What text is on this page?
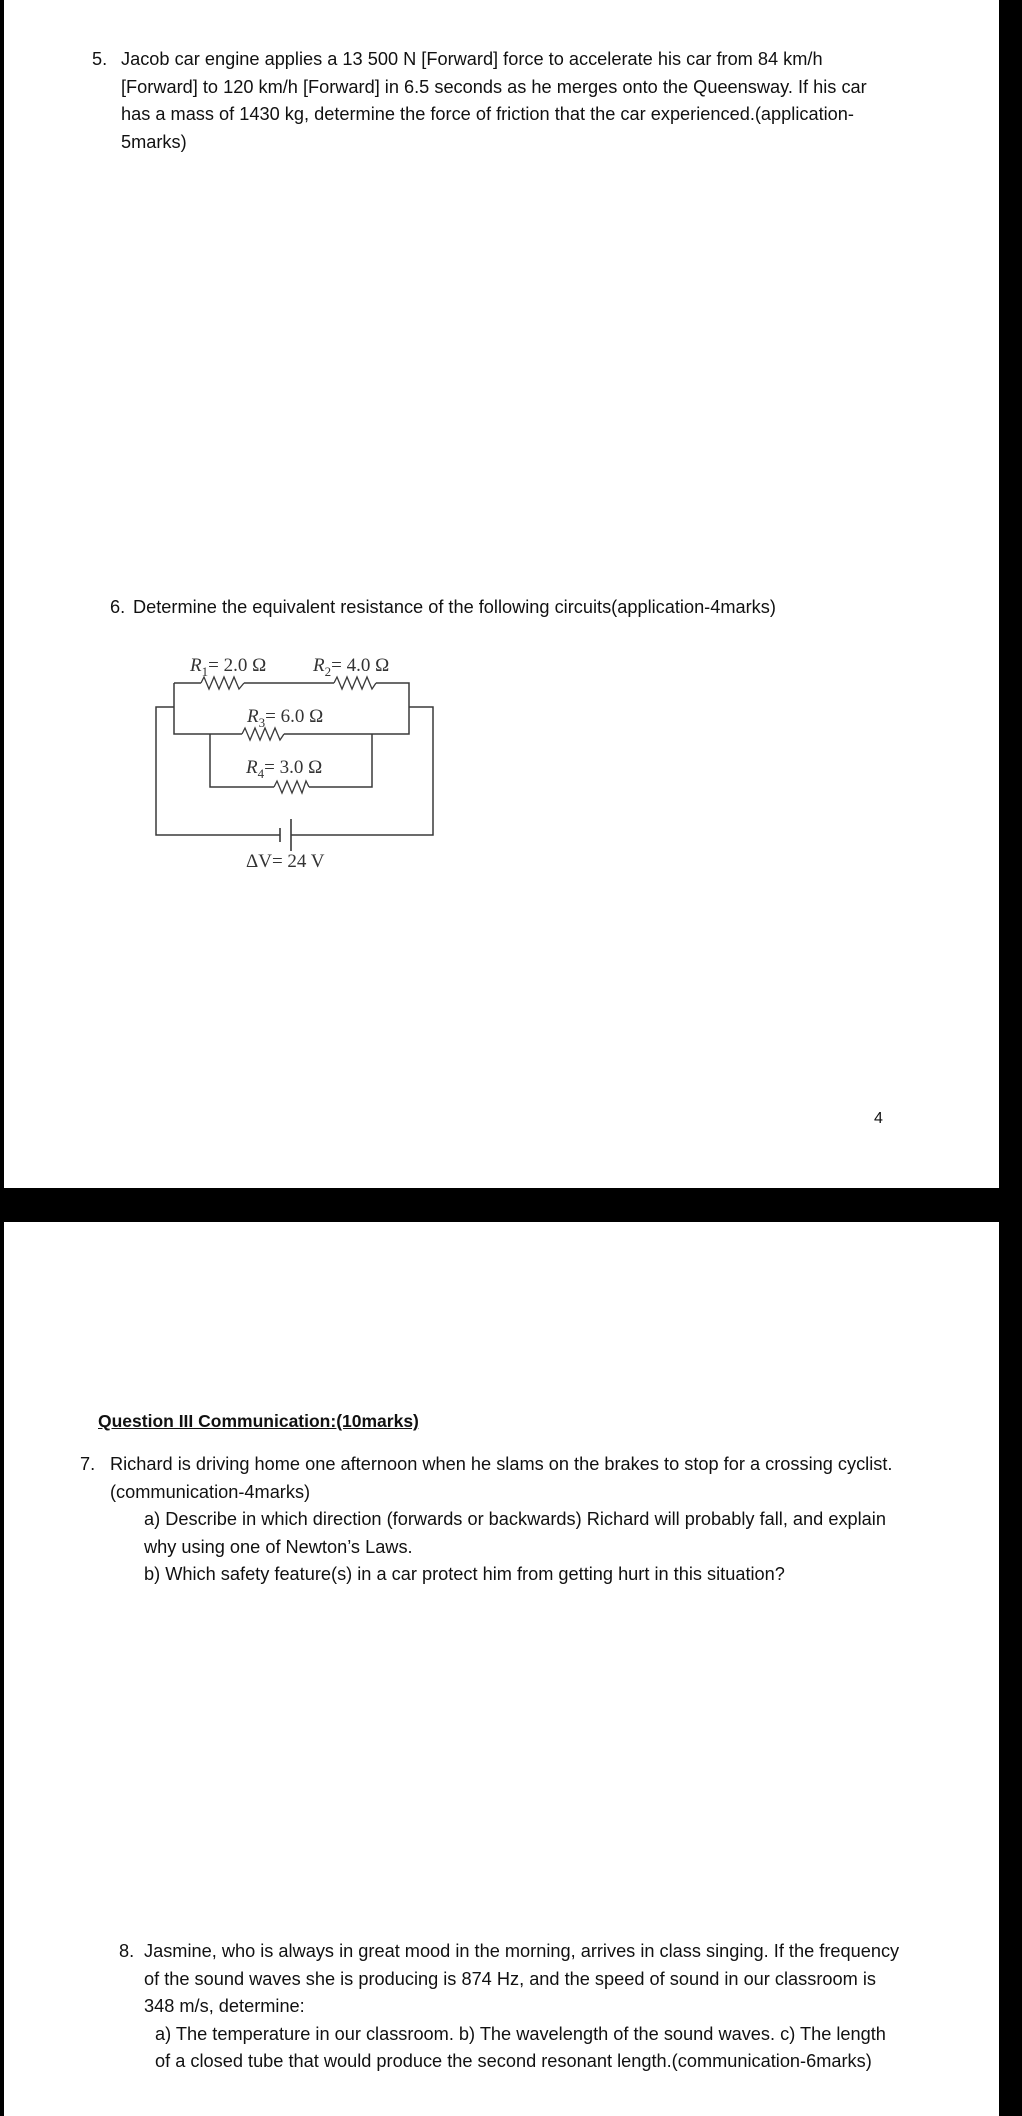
5. Jacob car engine applies a 13 500 N [Forward] force to accelerate his car from 84 km/h

[Forward] to 120 km/h [Forward] in 6.5 seconds as he merges onto the Queensway. If his car

has a mass of 1430 kg, determine the force of friction that the car experienced.(application-

5marks)

6. Determine the equivalent resistance of the following circuits(application-4marks)

$R_1= 2.0$ Ω $R_2= 4.0$ Ω
$R_3= 6.0$ Ω
$R_4= 3.0$ Ω
ΔV= 24 V
4
Question III Communication:(10marks)
7. Richard is driving home one afternoon when he slams on the brakes to stop for a crossing cyclist.

(communication-4marks)

a) Describe in which direction (forwards or backwards) Richard will probably fall, and explain

why using one of Newton’s Laws.

b) Which safety feature(s) in a car protect him from getting hurt in this situation?

8. Jasmine, who is always in great mood in the morning, arrives in class singing. If the frequency

of the sound waves she is producing is 874 Hz, and the speed of sound in our classroom is

348 m/s, determine:

a) The temperature in our classroom. b) The wavelength of the sound waves. c) The length

of a closed tube that would produce the second resonant length.(communication-6marks)
